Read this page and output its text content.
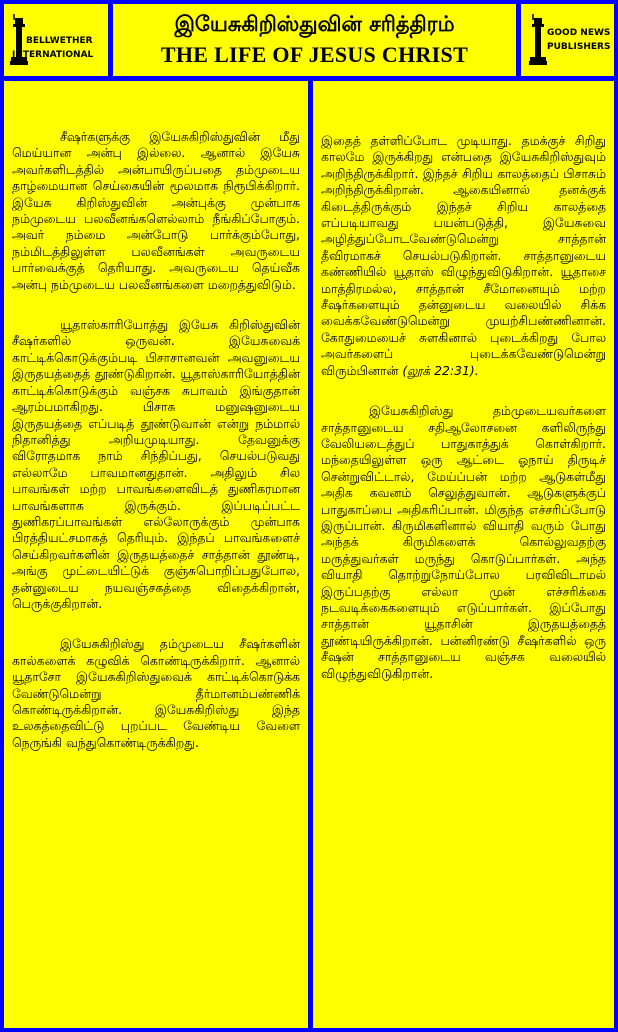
BELLWETHER
INTERNATIONAL
இயேசுகிறிஸ்துவின் சரித்திரம்
THE LIFE OF JESUS CHRIST
GOOD NEWS
PUBLISHERS

சீஷர்களுக்கு இயேசுகிறிஸ்துவின் மீது மெய்யான அன்பு இல்லை. ஆனால் இயேசு அவர்களிடத்தில் அன்பாயிருப்பதை தம்முடைய தாழ்மையான செய்கையின் மூலமாக நிரூபிக்கிறார். இயேசு கிறிஸ்துவின் அன்புக்கு முன்பாக நம்முடைய பலவீனங்களெல்லாம் நீங்கிப்போகும். அவர் நம்மை அன்போடு பார்க்கும்போது, நம்மிடத்திலுள்ள பலவீனங்கள் அவருடைய பார்வைக்குத் தெரியாது. அவருடைய தெய்வீக அன்பு நம்முடைய பலவீனங்களை மறைத்துவிடும்.

யூதாஸ்காரியோத்து இயேசு கிறிஸ்துவின் சீஷர்களில் ஒருவன். இயேசுவைக் காட்டிக்கொடுக்கும்படி பிசாசானவன் அவனுடைய இருதயத்தைத் தூண்டுகிறான். யூதாஸ்காரியோத்தின் காட்டிக்கொடுக்கும் வஞ்சக சுபாவம் இங்குதான் ஆரம்பமாகிறது. பிசாசு மனுஷனுடைய இருதயத்தை எப்படித் தூண்டுவான் என்று நம்மால் நிதானித்து அறியமுடியாது. தேவனுக்கு விரோதமாக நாம் சிந்திப்பது, செயல்படுவது எல்லாமே பாவமானதுதான். அதிலும் சில பாவங்கள் மற்ற பாவங்களைவிடத் துணிகரமான பாவங்களாக இருக்கும். இப்படிப்பட்ட துணிகரப்பாவங்கள் எல்லோருக்கும் முன்பாக பிரத்தியட்சமாகத் தெரியும். இந்தப் பாவங்களைச் செய்கிறவர்களின் இருதயத்தைச் சாத்தான் தூண்டி, அங்கு முட்டையிட்டுக் குஞ்சுபொறிப்பதுபோல, தன்னுடைய நயவஞ்சகத்தை விதைக்கிறான், பெருக்குகிறான்.

இயேசுகிறிஸ்து தம்முடைய சீஷர்களின் கால்களைக் கழுவிக் கொண்டிருக்கிறார். ஆனால் யூதாசோ இயேசுகிறிஸ்துவைக் காட்டிக்கொடுக்க வேண்டுமென்று தீர்மானம்பண்ணிக் கொண்டிருக்கிறான். இயேசுகிறிஸ்து இந்த உலகத்தைவிட்டு புறப்பட வேண்டிய வேளை நெருங்கி வந்துகொண்டிருக்கிறது.

இதைத் தள்ளிப்போட முடியாது. தமக்குச் சிறிது காலமே இருக்கிறது என்பதை இயேசுகிறிஸ்துவும் அறிந்திருக்கிறார். இந்தச் சிறிய காலத்தைப் பிசாசும் அறிந்திருக்கிறான். ஆகையினால் தனக்குக் கிடைத்திருக்கும் இந்தச் சிறிய காலத்தை எப்படியாவது பயன்படுத்தி, இயேசுவை அழித்துப்போடவேண்டுமென்று சாத்தான் தீவிரமாகச் செயல்படுகிறான். சாத்தானுடைய கண்ணியில் யூதாஸ் விழுந்துவிடுகிறான். யூதாசை மாத்திரமல்ல, சாத்தான் சீமோனையும் மற்ற சீஷர்களையும் தன்னுடைய வலையில் சிக்க வைக்கவேண்டுமென்று முயற்சிபண்ணினான். கோதுமையைச் சுளகினால் புடைக்கிறது போல அவர்களைப் புடைக்கவேண்டுமென்று விரும்பினான் (லூக் 22:31).

இயேசுகிறிஸ்து தம்முடையவர்களை சாத்தானுடைய சதிஆலோசனை களிலிருந்து வேலியடைத்துப் பாதுகாத்துக் கொள்கிறார். மந்தையிலுள்ள ஒரு ஆட்டை ஓநாய் திருடிச் சென்றுவிட்டால், மேய்ப்பன் மற்ற ஆடுகள்மீது அதிக கவனம் செலுத்துவான். ஆடுகளுக்குப் பாதுகாப்பை அதிகரிப்பான். மிகுந்த எச்சரிப்போடு இருப்பான். கிருமிகளினால் வியாதி வரும் போது அந்தக் கிருமிகளைக் கொல்லுவதற்கு மருத்துவர்கள் மருந்து கொடுப்பார்கள். அந்த வியாதி தொற்றுநோய்போல பரவிவிடாமல் இருப்பதற்கு எல்லா முன் எச்சரிக்கை நடவடிக்கைகளையும் எடுப்பார்கள். இப்போது சாத்தான் யூதாசின் இருதயத்தைத் தூண்டியிருக்கிறான். பன்னிரண்டு சீஷர்களில் ஒரு சீஷன் சாத்தானுடைய வஞ்சக வலையில் விழுந்துவிடுகிறான்.
